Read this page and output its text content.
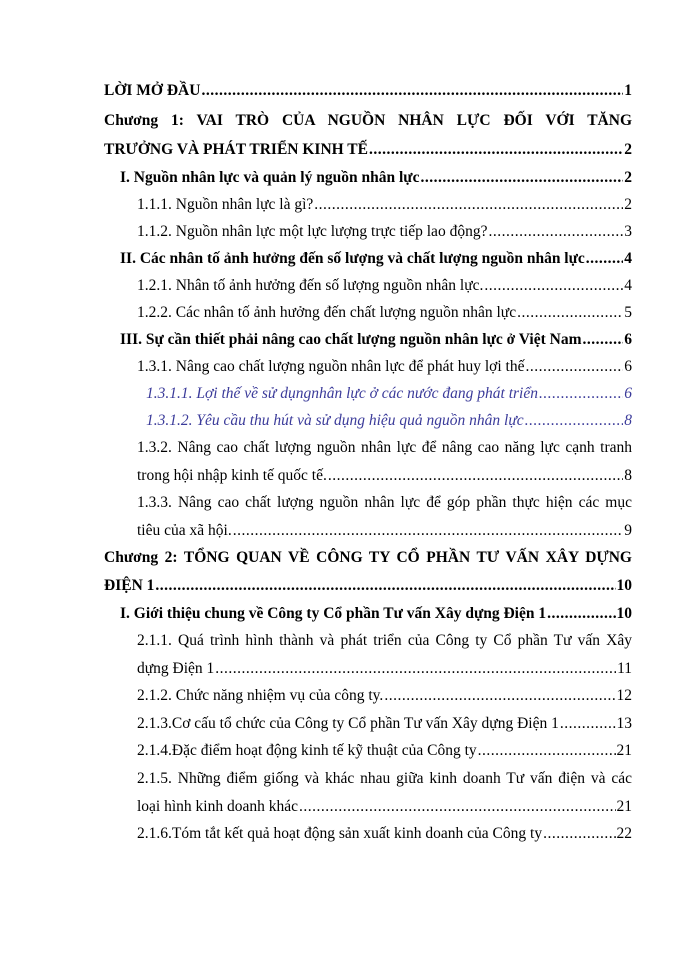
LỜI MỞ ĐẦU .....	1
Chương 1: VAI TRÒ CỦA NGUỒN NHÂN LỰC ĐỐI VỚI TĂNG
TRƯỞNG VÀ PHÁT TRIỂN KINH TẾ .....	2
I. Nguồn nhân lực và quản lý nguồn nhân lực .....	2
1.1.1. Nguồn nhân lực là gì? .....	2
1.1.2. Nguồn nhân lực một lực lượng trực tiếp lao động? .....	3
II. Các nhân tố ảnh hưởng đến số lượng và chất lượng nguồn nhân lực .....	4
1.2.1. Nhân tố ảnh hưởng đến số lượng nguồn nhân lực. .....	4
1.2.2. Các nhân tố ảnh hưởng đến chất lượng nguồn nhân lực .....	5
III. Sự cần thiết phải nâng cao chất lượng nguồn nhân lực ở Việt Nam .....	6
1.3.1. Nâng cao chất lượng nguồn nhân lực để phát huy lợi thế .....	6
1.3.1.1. Lợi thế về sử dụngnhân lực ở các nước đang phát triển .....	6
1.3.1.2. Yêu cầu thu hút và sử dụng hiệu quả nguồn nhân lực .....	8
1.3.2. Nâng cao chất lượng nguồn nhân lực để nâng cao năng lực cạnh tranh
trong hội nhập kinh tế quốc tế. .....	8
1.3.3. Nâng cao chất lượng nguồn nhân lực để góp phần thực hiện các mục
tiêu của xã hội. .....	9
Chương 2: TỔNG QUAN VỀ CÔNG TY CỔ PHẦN TƯ VẤN XÂY DỰNG
ĐIỆN 1 .....	10
I. Giới thiệu chung về Công ty Cổ phần Tư vấn Xây dựng Điện 1 .....	10
2.1.1. Quá trình hình thành và phát triển của Công ty Cổ phần Tư vấn Xây
dựng Điện 1 .....	11
2.1.2. Chức năng nhiệm vụ của công ty. .....	12
2.1.3.Cơ cấu tổ chức của Công ty Cổ phần Tư vấn Xây dựng Điện 1 .....	13
2.1.4.Đặc điểm hoạt động kinh tế kỹ thuật của Công ty .....	21
2.1.5. Những điểm giống và khác nhau giữa kinh doanh Tư vấn điện và các
loại hình kinh doanh khác .....	21
2.1.6.Tóm tắt kết quả hoạt động sản xuất kinh doanh của Công ty .....	22
